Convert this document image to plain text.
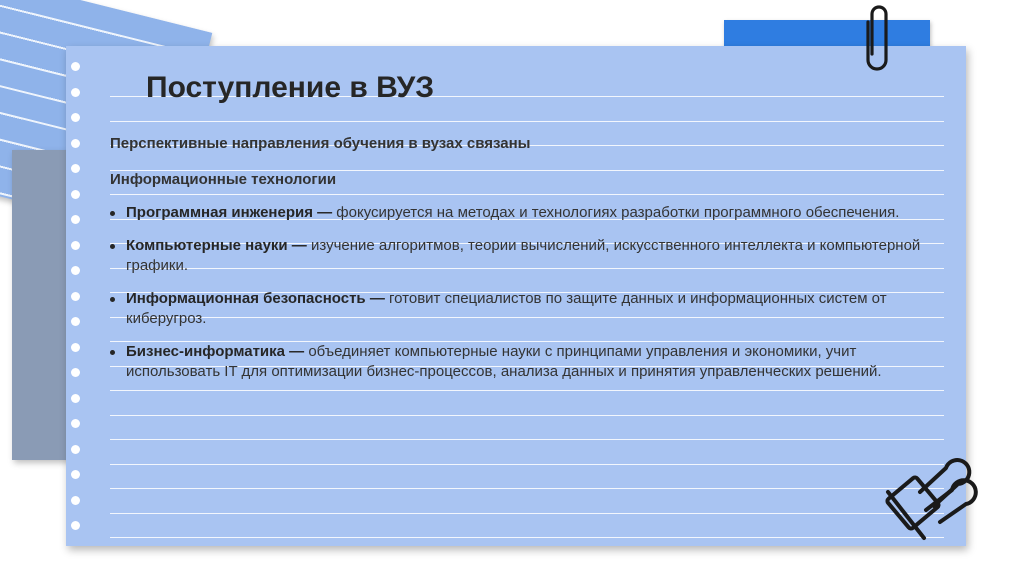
Поступление в ВУЗ

Перспективные направления обучения в вузах связаны

Информационные технологии

Программная инженерия — фокусируется на методах и технологиях разработки программного обеспечения.
Компьютерные науки — изучение алгоритмов, теории вычислений, искусственного интеллекта и компьютерной графики.
Информационная безопасность — готовит специалистов по защите данных и информационных систем от киберугроз.
Бизнес-информатика — объединяет компьютерные науки с принципами управления и экономики, учит использовать IT для оптимизации бизнес-процессов, анализа данных и принятия управленческих решений.
